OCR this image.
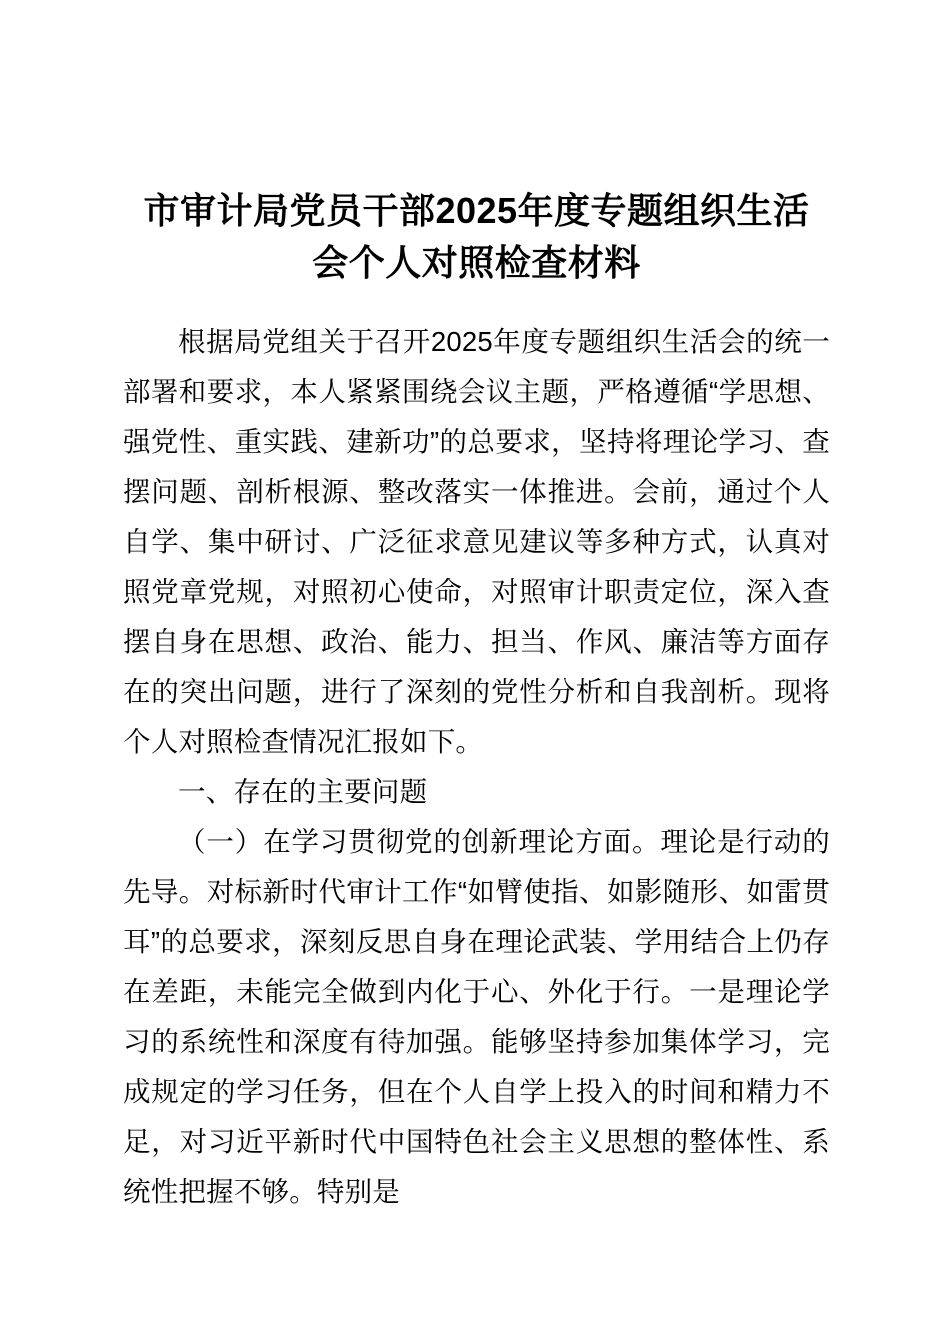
市审计局党员干部2025年度专题组织生活会个人对照检查材料

根据局党组关于召开2025年度专题组织生活会的统一部署和要求，本人紧紧围绕会议主题，严格遵循“学思想、强党性、重实践、建新功”的总要求，坚持将理论学习、查摆问题、剖析根源、整改落实一体推进。会前，通过个人自学、集中研讨、广泛征求意见建议等多种方式，认真对照党章党规，对照初心使命，对照审计职责定位，深入查摆自身在思想、政治、能力、担当、作风、廉洁等方面存在的突出问题，进行了深刻的党性分析和自我剖析。现将个人对照检查情况汇报如下。

一、存在的主要问题

（一）在学习贯彻党的创新理论方面。理论是行动的先导。对标新时代审计工作“如臂使指、如影随形、如雷贯耳”的总要求，深刻反思自身在理论武装、学用结合上仍存在差距，未能完全做到内化于心、外化于行。一是理论学习的系统性和深度有待加强。能够坚持参加集体学习，完成规定的学习任务，但在个人自学上投入的时间和精力不足，对习近平新时代中国特色社会主义思想的整体性、系统性把握不够。特别是
